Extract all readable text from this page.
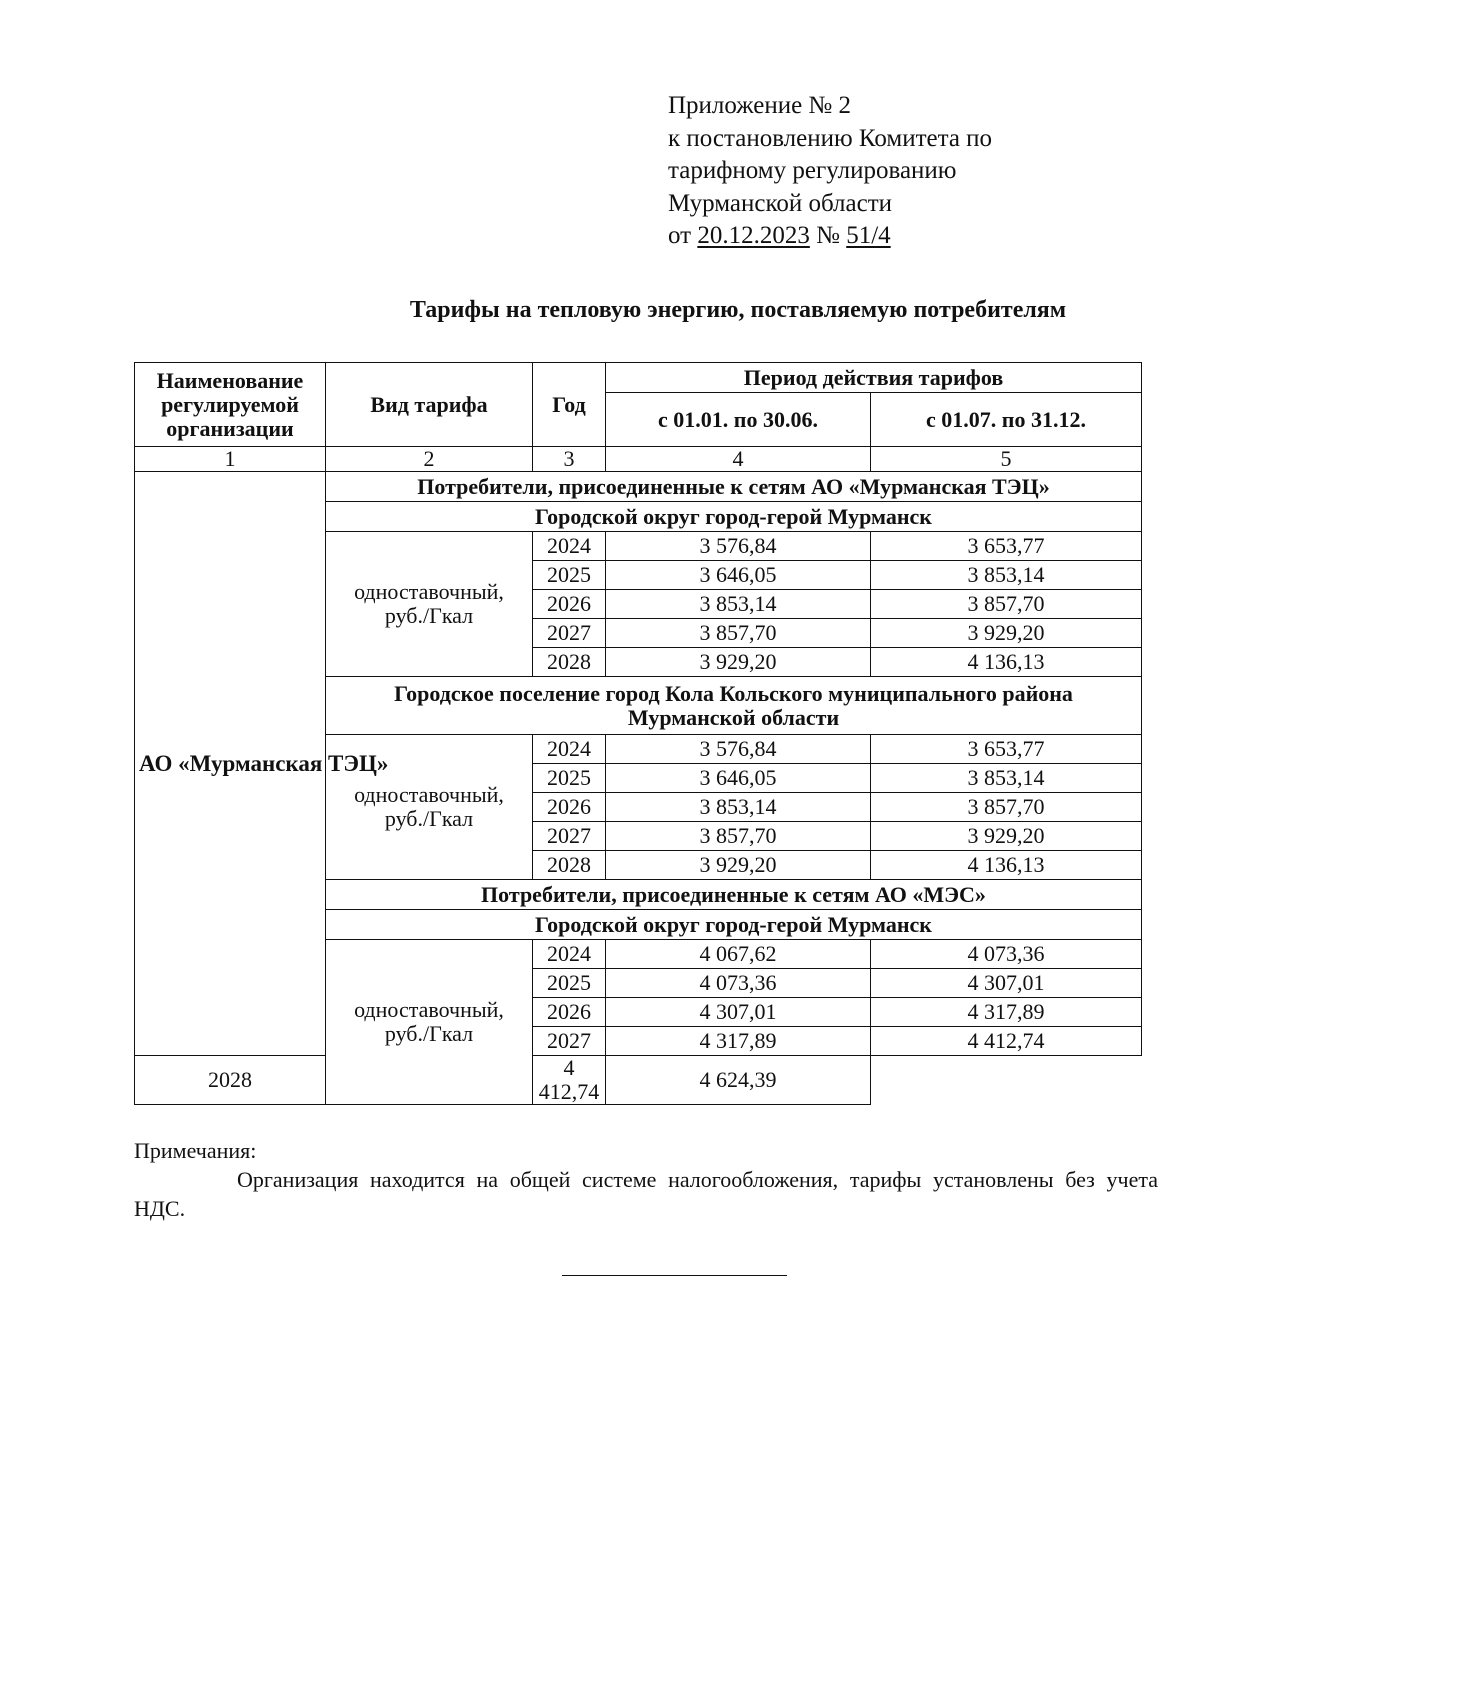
Приложение № 2
к постановлению Комитета по
тарифному регулированию
Мурманской области
от 20.12.2023 № 51/4
Тарифы на тепловую энергию, поставляемую потребителям
Наименование регулируемой организации	Вид тарифа	Год	Период действия тарифов	
			с 01.01. по 30.06.	с 01.07. по 31.12.
1	2	3	4	5
АО «Мурманская ТЭЦ»	Потребители, присоединенные к сетям АО «Мурманская ТЭЦ»			
	Городской округ город-герой Мурманск			
	одноставочный, руб./Гкал	2024	3 576,84	3 653,77
		2025	3 646,05	3 853,14
		2026	3 853,14	3 857,70
		2027	3 857,70	3 929,20
		2028	3 929,20	4 136,13
	Городское поселение город Кола Кольского муниципального района Мурманской области			
	одноставочный, руб./Гкал	2024	3 576,84	3 653,77
		2025	3 646,05	3 853,14
		2026	3 853,14	3 857,70
		2027	3 857,70	3 929,20
		2028	3 929,20	4 136,13
	Потребители, присоединенные к сетям АО «МЭС»			
	Городской округ город-герой Мурманск			
	одноставочный, руб./Гкал	2024	4 067,62	4 073,36
		2025	4 073,36	4 307,01
		2026	4 307,01	4 317,89
		2027	4 317,89	4 412,74
2028		4 412,74	4 624,39	
Примечания:
Организация находится на общей системе налогообложения, тарифы установлены без учета НДС.
